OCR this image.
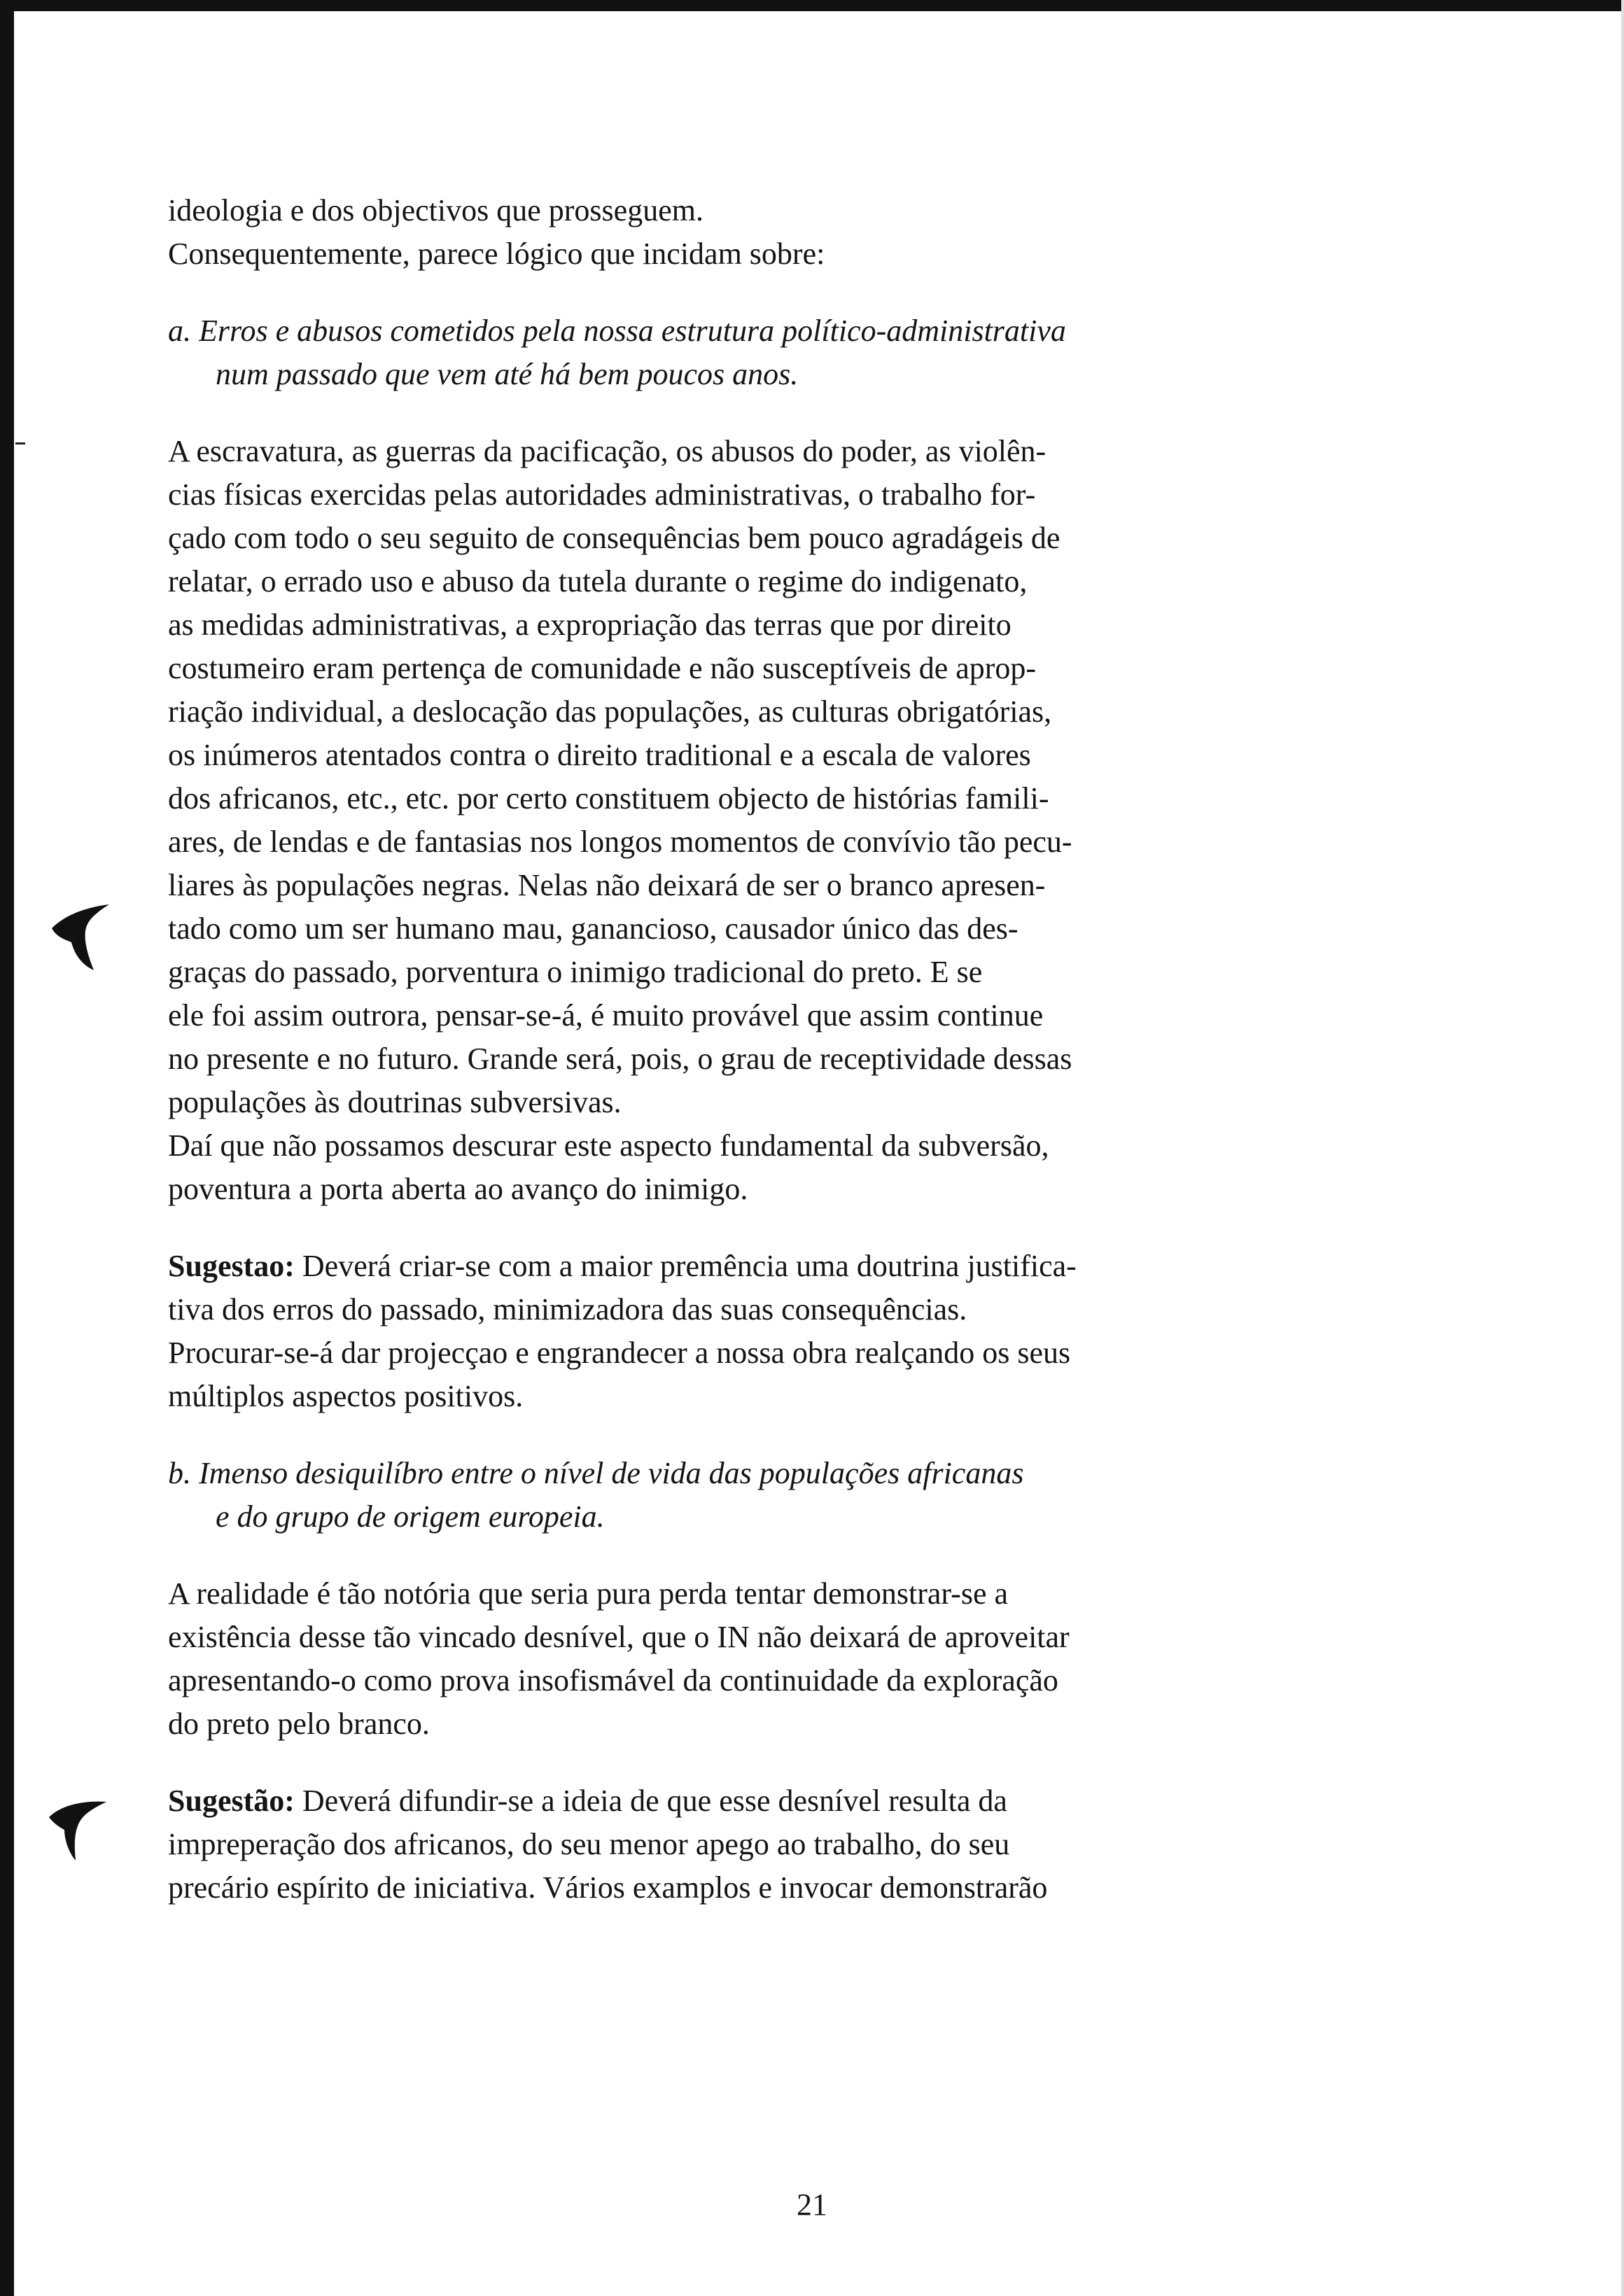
ideologia e dos objectivos que prosseguem.
Consequentemente, parece lógico que incidam sobre:
a. Erros e abusos cometidos pela nossa estrutura político-administrativa
num passado que vem até há bem poucos anos.
A escravatura, as guerras da pacificação, os abusos do poder, as violên-
cias físicas exercidas pelas autoridades administrativas, o trabalho for-
çado com todo o seu seguito de consequências bem pouco agradágeis de
relatar, o errado uso e abuso da tutela durante o regime do indigenato,
as medidas administrativas, a expropriação das terras que por direito
costumeiro eram pertença de comunidade e não susceptíveis de aprop-
riação individual, a deslocação das populações, as culturas obrigatórias,
os inúmeros atentados contra o direito traditional e a escala de valores
dos africanos, etc., etc. por certo constituem objecto de histórias famili-
ares, de lendas e de fantasias nos longos momentos de convívio tão pecu-
liares às populações negras. Nelas não deixará de ser o branco apresen-
tado como um ser humano mau, ganancioso, causador único das des-
graças do passado, porventura o inimigo tradicional do preto. E se
ele foi assim outrora, pensar-se-á, é muito provável que assim continue
no presente e no futuro. Grande será, pois, o grau de receptividade dessas
populações às doutrinas subversivas.
Daí que não possamos descurar este aspecto fundamental da subversão,
poventura a porta aberta ao avanço do inimigo.
Sugestao: Deverá criar-se com a maior premência uma doutrina justifica-
tiva dos erros do passado, minimizadora das suas consequências.
Procurar-se-á dar projecçao e engrandecer a nossa obra realçando os seus
múltiplos aspectos positivos.
b. Imenso desiquilíbro entre o nível de vida das populações africanas
e do grupo de origem europeia.
A realidade é tão notória que seria pura perda tentar demonstrar-se a
existência desse tão vincado desnível, que o IN não deixará de aproveitar
apresentando-o como prova insofismável da continuidade da exploração
do preto pelo branco.
Sugestão: Deverá difundir-se a ideia de que esse desnível resulta da
impreperação dos africanos, do seu menor apego ao trabalho, do seu
precário espírito de iniciativa. Vários examplos e invocar demonstrarão
21
